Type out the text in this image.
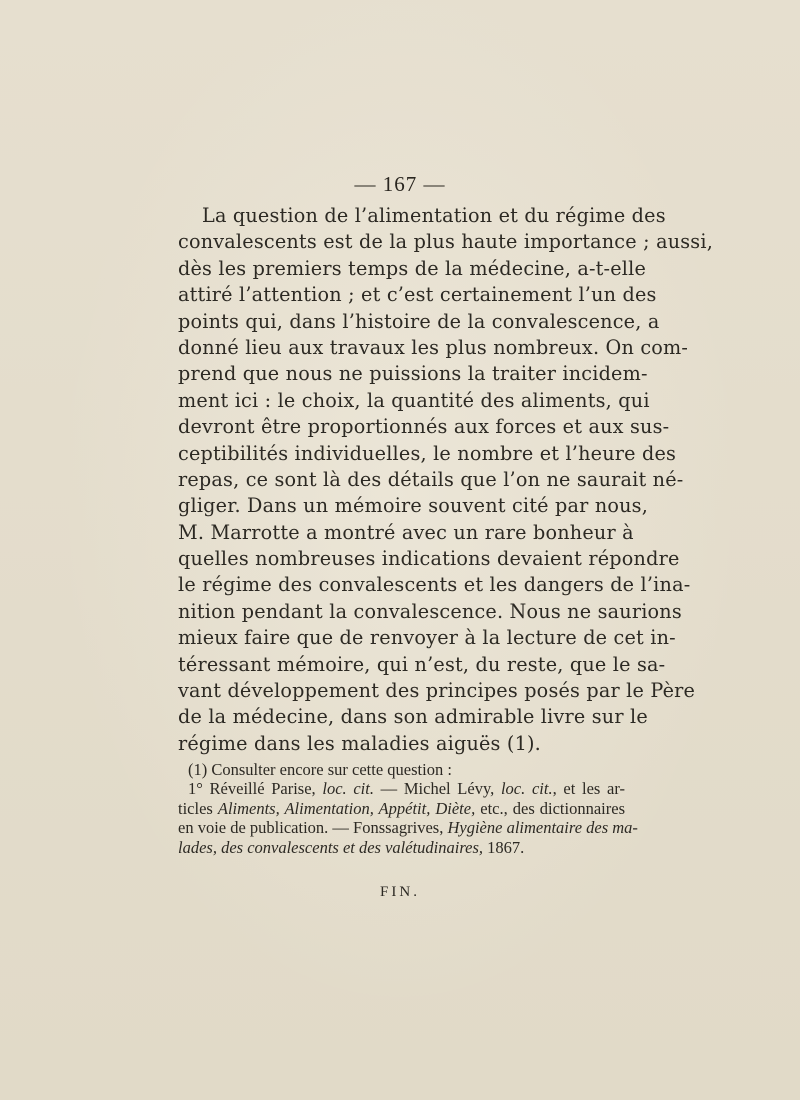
— 167 —
La question de l’alimentation et du régime des
convalescents est de la plus haute importance ; aussi,
dès les premiers temps de la médecine, a-t-elle
attiré l’attention ; et c’est certainement l’un des
points qui, dans l’histoire de la convalescence, a
donné lieu aux travaux les plus nombreux. On com-
prend que nous ne puissions la traiter incidem-
ment ici : le choix, la quantité des aliments, qui
devront être proportionnés aux forces et aux sus-
ceptibilités individuelles, le nombre et l’heure des
repas, ce sont là des détails que l’on ne saurait né-
gliger. Dans un mémoire souvent cité par nous,
M. Marrotte a montré avec un rare bonheur à
quelles nombreuses indications devaient répondre
le régime des convalescents et les dangers de l’ina-
nition pendant la convalescence. Nous ne saurions
mieux faire que de renvoyer à la lecture de cet in-
téressant mémoire, qui n’est, du reste, que le sa-
vant développement des principes posés par le Père
de la médecine, dans son admirable livre sur le
régime dans les maladies aiguës (1).
(1) Consulter encore sur cette question :
1° Réveillé Parise, loc. cit. — Michel Lévy, loc. cit., et les ar-
ticles Aliments, Alimentation, Appétit, Diète, etc., des dictionnaires
en voie de publication. — Fonssagrives, Hygiène alimentaire des ma-
lades, des convalescents et des valétudinaires, 1867.
FIN.
